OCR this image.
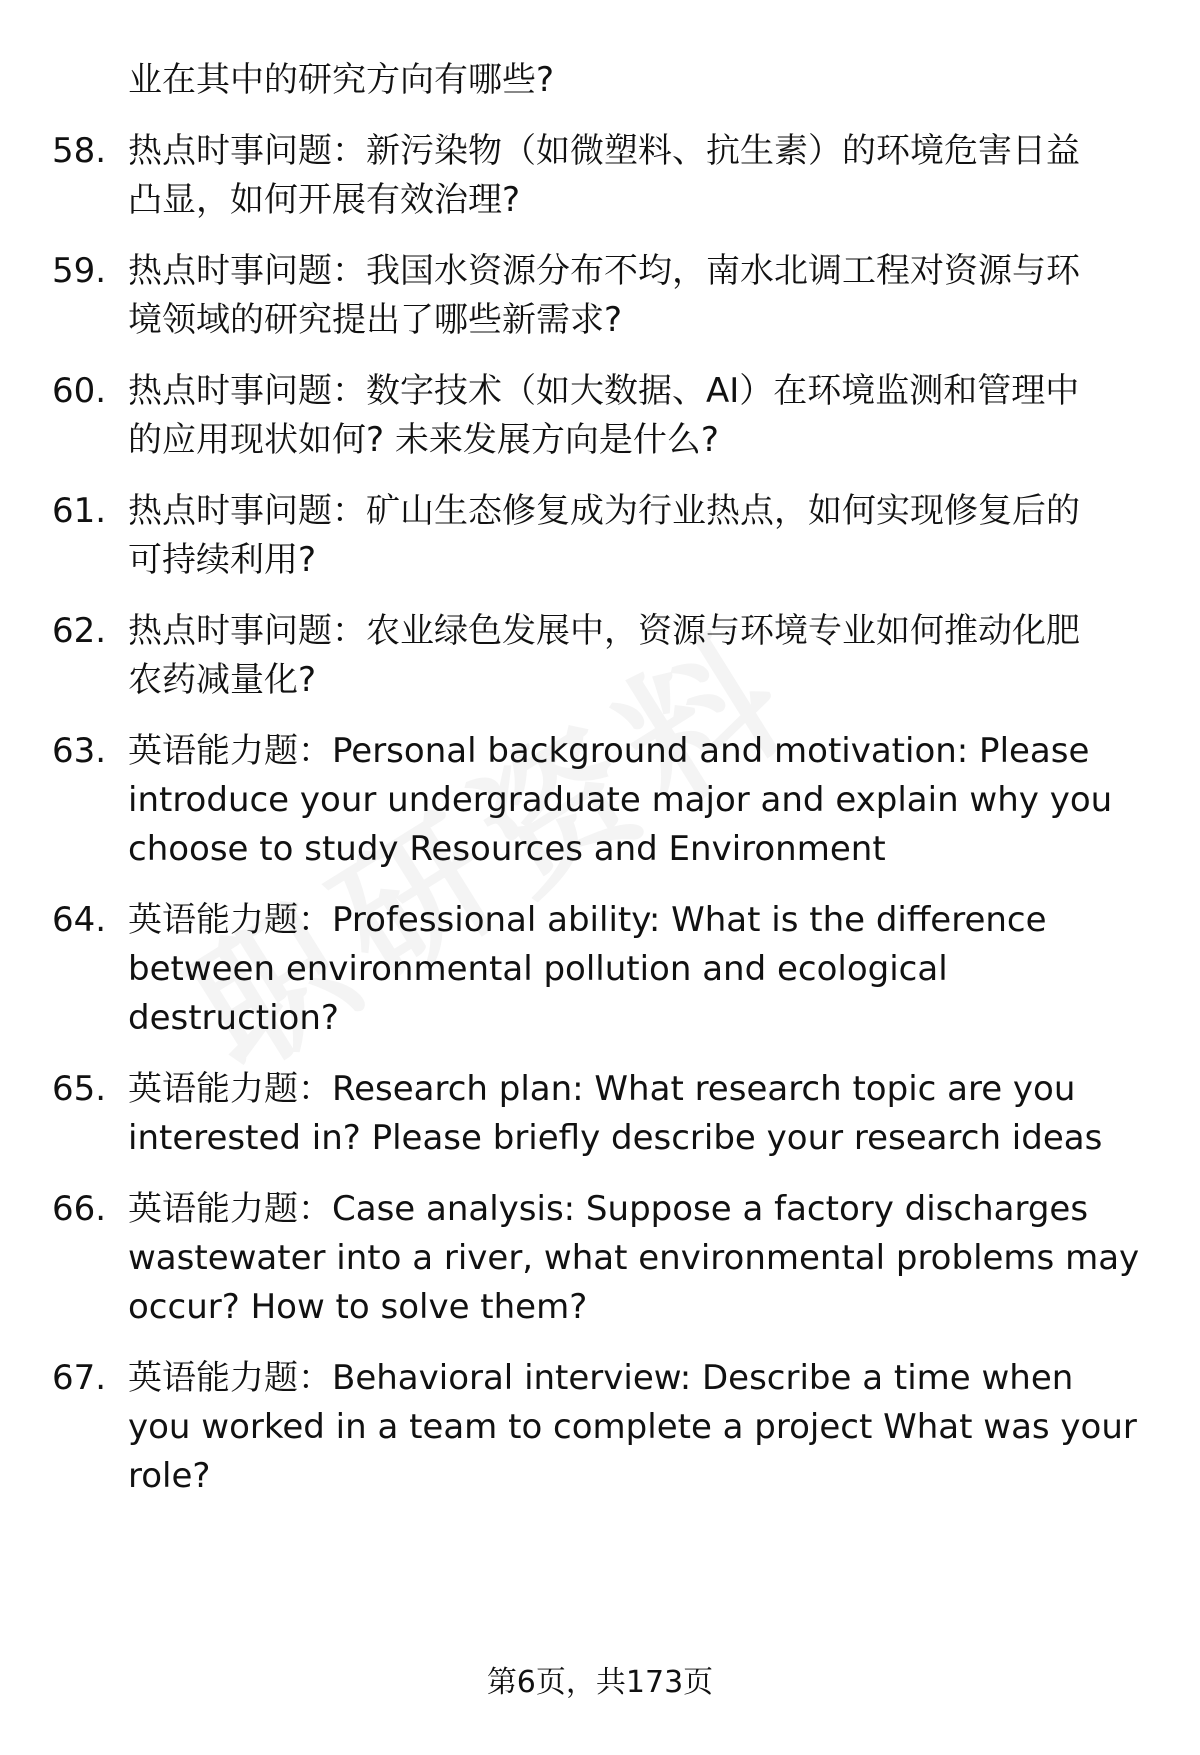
业在其中的研究方向有哪些?
58. 热点时事问题：新污染物（如微塑料、抗生素）的环境危害日益
凸显，如何开展有效治理?
59. 热点时事问题：我国水资源分布不均，南水北调工程对资源与环
境领域的研究提出了哪些新需求?
60. 热点时事问题：数字技术（如大数据、AI）在环境监测和管理中
的应用现状如何? 未来发展方向是什么?
61. 热点时事问题：矿山生态修复成为行业热点，如何实现修复后的
可持续利用?
62. 热点时事问题：农业绿色发展中，资源与环境专业如何推动化肥
农药减量化?
63. 英语能力题：Personal background and motivation: Please
introduce your undergraduate major and explain why you
choose to study Resources and Environment
64. 英语能力题：Professional ability: What is the difference
between environmental pollution and ecological
destruction?
65. 英语能力题：Research plan: What research topic are you
interested in? Please briefly describe your research ideas
66. 英语能力题：Case analysis: Suppose a factory discharges
wastewater into a river, what environmental problems may
occur? How to solve them?
67. 英语能力题：Behavioral interview: Describe a time when
you worked in a team to complete a project What was your
role?
第6页，共173页
